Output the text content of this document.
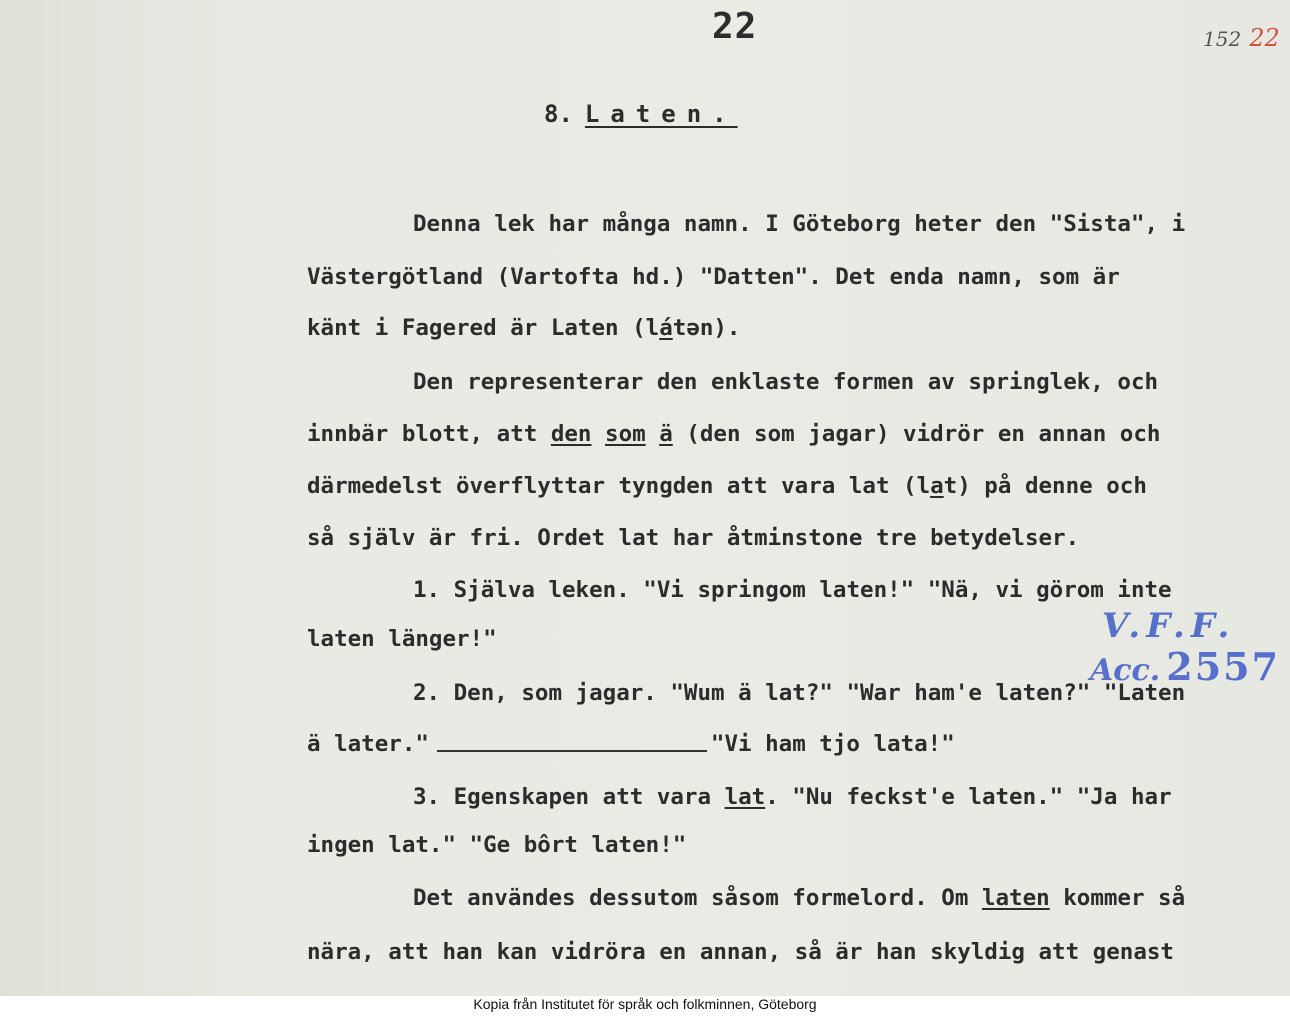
22	152 22
8. Laten.
Denna lek har många namn. I Göteborg heter den "Sista", i
Västergötland (Vartofta hd.) "Datten". Det enda namn, som är
känt i Fagered är Laten (látən).
Den representerar den enklaste formen av springlek, och
innbär blott, att den som ä (den som jagar) vidrör en annan och
därmedelst överflyttar tyngden att vara lat (lat) på denne och
så själv är fri. Ordet lat har åtminstone tre betydelser.
1. Själva leken. "Vi springom laten!" "Nä, vi görom inte
laten länger!"
2. Den, som jagar. "Wum ä lat?" "War ham'e laten?" "Laten
ä later."	"Vi ham tjo lata!"
3. Egenskapen att vara lat. "Nu feckst'e laten." "Ja har
ingen lat." "Ge bôrt laten!"
Det användes dessutom såsom formelord. Om laten kommer så
nära, att han kan vidröra en annan, så är han skyldig att genast
V.F.F.
Acc. 2557
Kopia från Institutet för språk och folkminnen, Göteborg
